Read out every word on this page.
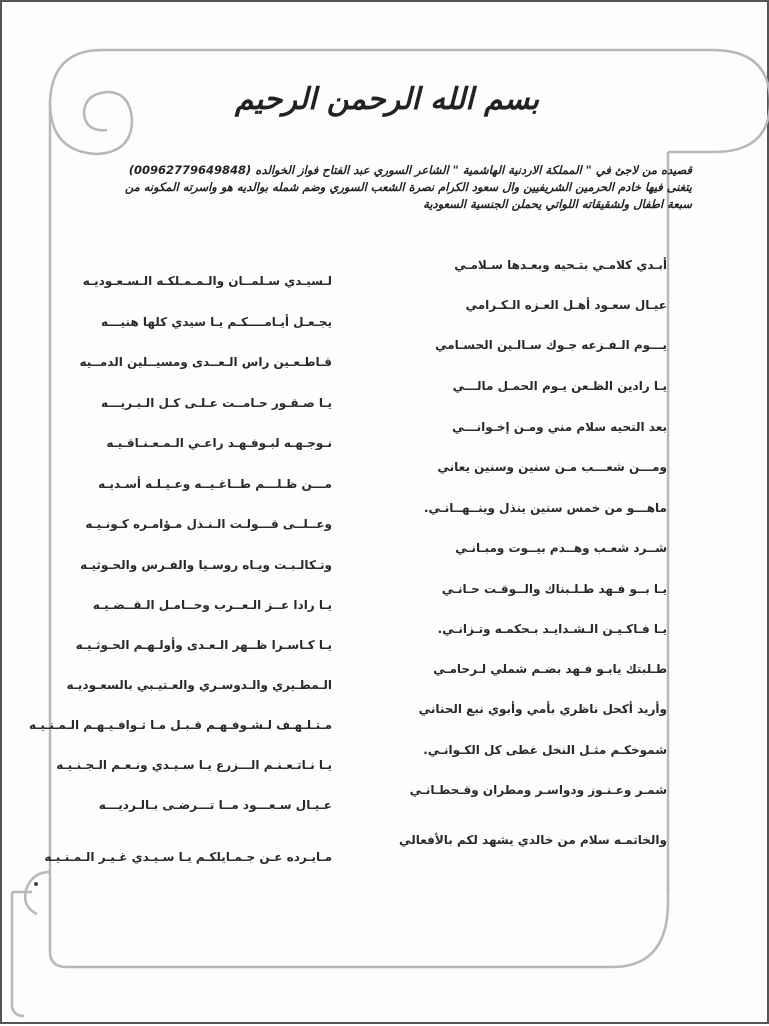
بسم الله الرحمن الرحيم
قصيده من لاجئ في " المملكة الاردنية الهاشمية " الشاعر السوري عبد الفتاح فواز الخوالده (00962779649848)
يتغنى فيها خادم الحرمين الشريفيين وال سعود الكرام نصرة الشعب السوري وضم شمله بوالديه هو واسرته المكونه من
سبعة اطفال ولشقيقاته اللواتي يحملن الجنسية السعودية
أبـدي كلامـي بتـحيه وبعـدها سـلامـي
عيـال سعـود أهـل العـزه الـكـرامي
يـــوم الـفـزعه جـوك سـالـين الحسـامي
يـا رادين الظـعن يـوم الحمـل مالـــي
بعد التحيه سلام مني ومـن إخـوانـــي
ومـــن شعـــب مـن سنين وسنين يعاني
ماهـــو من خمس سنين ينذل وينــهــانـي.
شــرد شعـب وهــدم بيــوت ومبـانـي
يـا بــو فـهد طـلـبناك والــوقـت حـانـي
يـا فـاكـيـن الـشـدايـد بـحكمـه وتـزانـي.
طـلبتك يابـو فـهد بضـم شملي لـرحامـي
وأريد أكحل ناظري بأمي وأبوي نبع الحناني
شموخكـم مثـل النخل غطى كل الكـوانـي.
شمـر وعـنـوز ودواسـر ومطران وقـحطـانـي
والخاتمـه سلام من خالدي يشهد لكم بالأفعالي
لـسيـدي سـلمــان والـمـمـلكـه الـسـعـوديـه
يجـعـل أيـامــــكـم يـا سيدي كلها هنيـــه
قـاطـعـين راس الـعــدى ومسيــلين الدمــيه
يـا صـقـور حـامــت عـلـى كـل الـبـريـــه
نـوجـهـه لبـوفـهـد راعـي الـمـعـنـاقـيـه
مـــن ظـلـــم طــاغـيــه وعـيـلـه أسـديـه
وعــلــى قـــولـت الـنـذل مـؤامـره كـونـيـه
وتـكالـبـت ويـاه روسـيا والفـرس والحـوثيـه
يـا رادا عــز الـعــرب وحــامـل الـقــضـيـه
يـا كـاسـرا ظــهر الـعـدى وأولـهـم الحـوثـيـه
الـمطـيري والـدوسـري والعـتيـبي بالسعـوديـه
مـتـلـهـف لـشـوفـهـم قـبـل مـا تـوافـيـهـم الـمـنـيـه
يـا نـاتـعـنـم الـــزرع يـا سـيـدي ونـعـم الـجـنـيـه
عـيـال سـعـــود مــا تـــرضـى بـالـرديـــه
مـايـرده عـن جـمـايلكـم يـا سـيـدي غـيـر الـمـنـيـه
